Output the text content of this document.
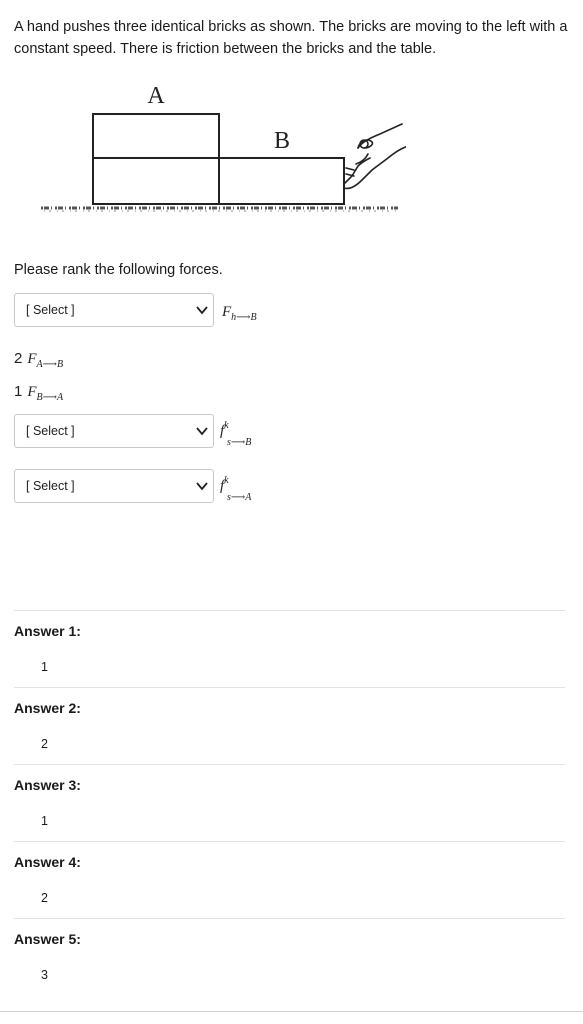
A hand pushes three identical bricks as shown. The bricks are moving to the left with a constant speed. There is friction between the bricks and the table.

A
B

Please rank the following forces.

[ Select ]	$F_{h⟶B}$
2 $F_{A⟶B}$
1 $F_{B⟶A}$
[ Select ]	$f^k$
s⟶B
[ Select ]	$f^k$
s⟶A
Answer 1:
1
Answer 2:
2
Answer 3:
1
Answer 4:
2
Answer 5:
3
